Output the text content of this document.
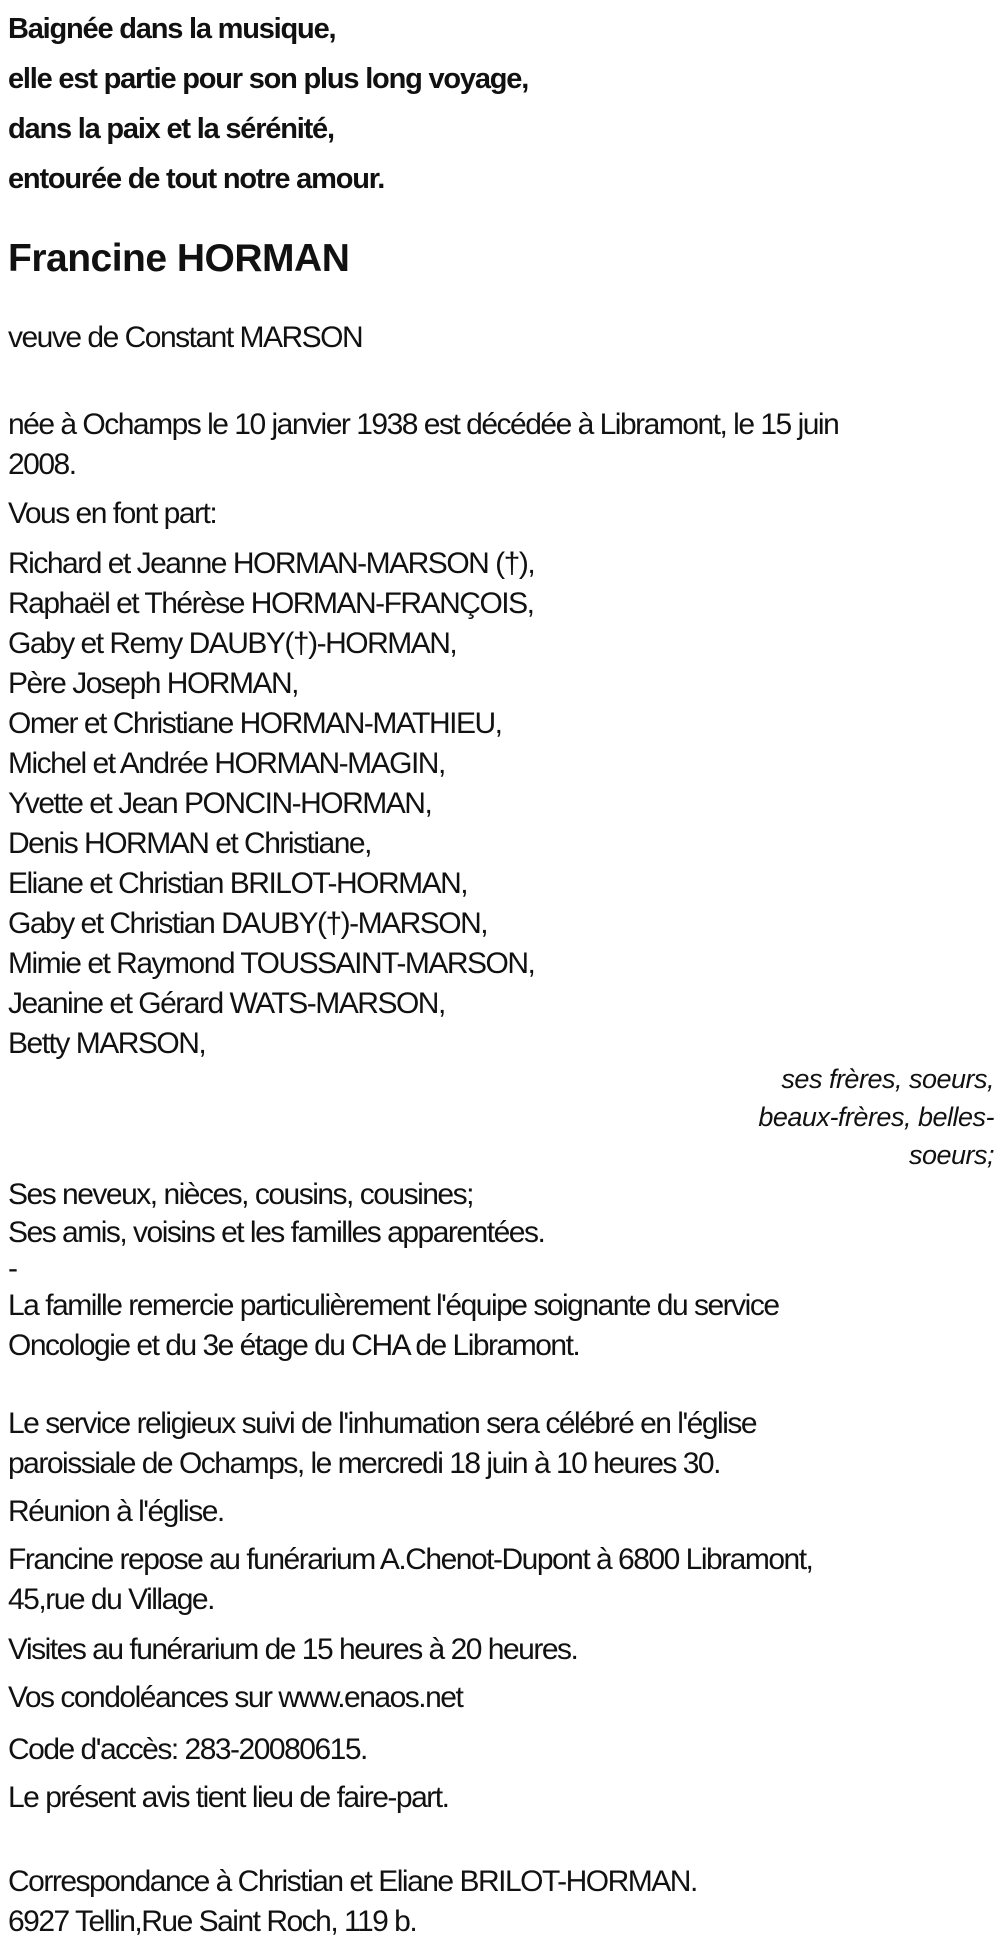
Baignée dans la musique,
elle est partie pour son plus long voyage,
dans la paix et la sérénité,
entourée de tout notre amour.
Francine HORMAN
veuve de Constant MARSON
née à Ochamps le 10 janvier 1938 est décédée à Libramont, le 15 juin
2008.
Vous en font part:
Richard et Jeanne HORMAN-MARSON (†),
Raphaël et Thérèse HORMAN-FRANÇOIS,
Gaby et Remy DAUBY(†)-HORMAN,
Père Joseph HORMAN,
Omer et Christiane HORMAN-MATHIEU,
Michel et Andrée HORMAN-MAGIN,
Yvette et Jean PONCIN-HORMAN,
Denis HORMAN et Christiane,
Eliane et Christian BRILOT-HORMAN,
Gaby et Christian DAUBY(†)-MARSON,
Mimie et Raymond TOUSSAINT-MARSON,
Jeanine et Gérard WATS-MARSON,
Betty MARSON,
ses frères, soeurs,
beaux-frères, belles-
soeurs;
Ses neveux, nièces, cousins, cousines;
Ses amis, voisins et les familles apparentées.
-
La famille remercie particulièrement l'équipe soignante du service
Oncologie et du 3e étage du CHA de Libramont.
Le service religieux suivi de l'inhumation sera célébré en l'église
paroissiale de Ochamps, le mercredi 18 juin à 10 heures 30.
Réunion à l'église.
Francine repose au funérarium A.Chenot-Dupont à 6800 Libramont,
45,rue du Village.
Visites au funérarium de 15 heures à 20 heures.
Vos condoléances sur www.enaos.net
Code d'accès: 283-20080615.
Le présent avis tient lieu de faire-part.
Correspondance à Christian et Eliane BRILOT-HORMAN.
6927 Tellin,Rue Saint Roch, 119 b.
